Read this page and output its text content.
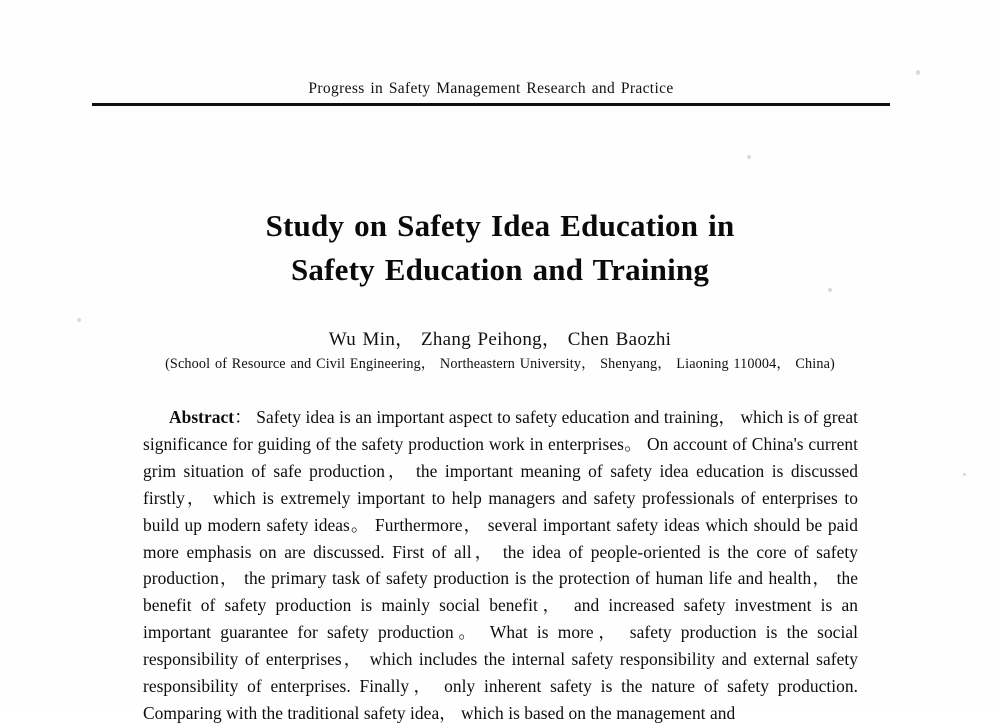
Progress in Safety Management Research and Practice
Study on Safety Idea Education in
Safety Education and Training
Wu Min， Zhang Peihong， Chen Baozhi
(School of Resource and Civil Engineering， Northeastern University， Shenyang， Liaoning 110004， China)

Abstract： Safety idea is an important aspect to safety education and training， which is of great significance for guiding of the safety production work in enterprises。 On account of China's current grim situation of safe production， the important meaning of safety idea education is discussed firstly， which is extremely important to help managers and safety professionals of enterprises to build up modern safety ideas。 Furthermore， several important safety ideas which should be paid more emphasis on are discussed. First of all， the idea of people-oriented is the core of safety production， the primary task of safety production is the protection of human life and health， the benefit of safety production is mainly social benefit， and increased safety investment is an important guarantee for safety production。 What is more， safety production is the social responsibility of enterprises， which includes the internal safety responsibility and external safety responsibility of enterprises. Finally， only inherent safety is the nature of safety production. Comparing with the traditional safety idea， which is based on the management and
